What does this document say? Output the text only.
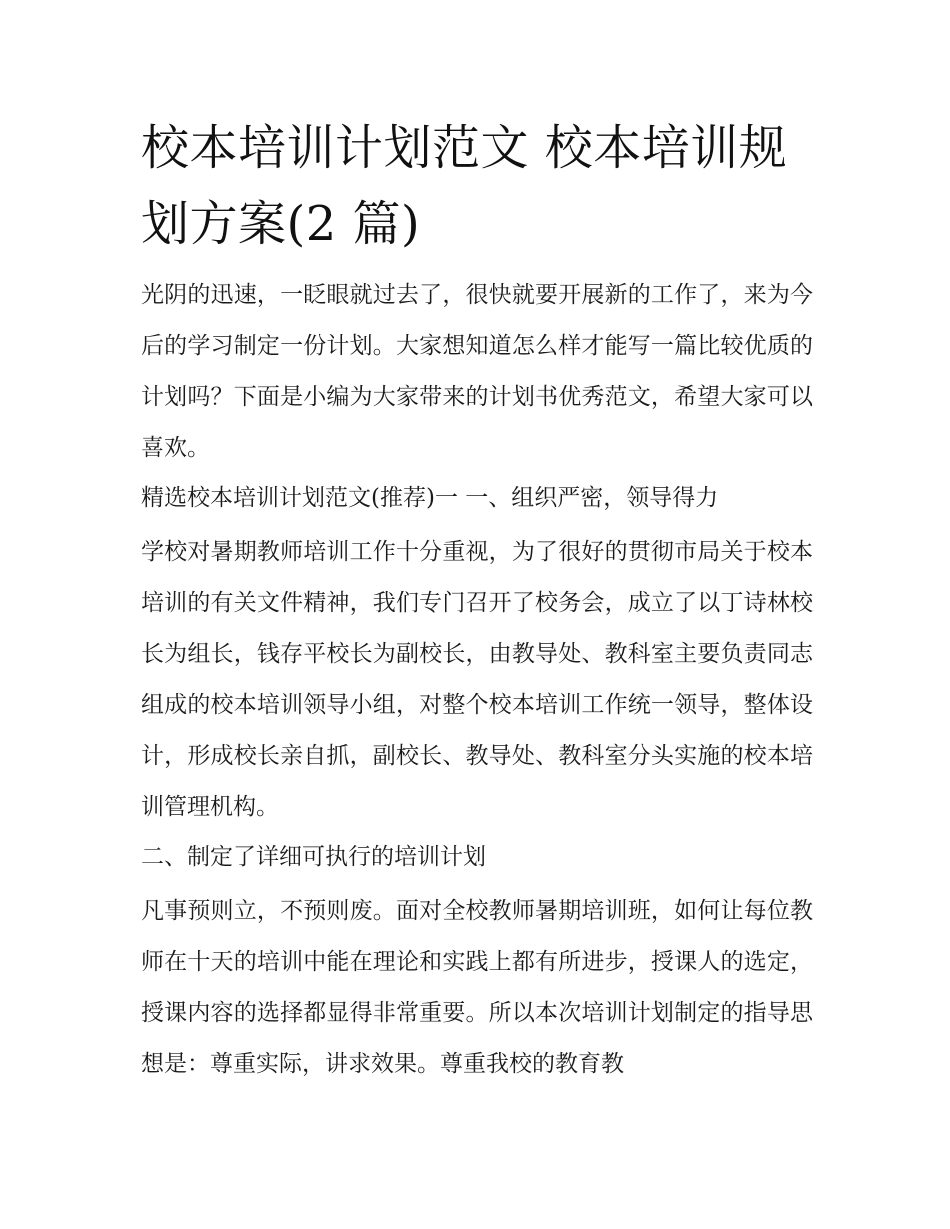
校本培训计划范文 校本培训规划方案(2 篇)

光阴的迅速，一眨眼就过去了，很快就要开展新的工作了，来为今后的学习制定一份计划。大家想知道怎么样才能写一篇比较优质的计划吗？下面是小编为大家带来的计划书优秀范文，希望大家可以喜欢。

精选校本培训计划范文(推荐)一 一、组织严密，领导得力

学校对暑期教师培训工作十分重视，为了很好的贯彻市局关于校本培训的有关文件精神，我们专门召开了校务会，成立了以丁诗林校长为组长，钱存平校长为副校长，由教导处、教科室主要负责同志组成的校本培训领导小组，对整个校本培训工作统一领导，整体设计，形成校长亲自抓，副校长、教导处、教科室分头实施的校本培训管理机构。

二、制定了详细可执行的培训计划

凡事预则立，不预则废。面对全校教师暑期培训班，如何让每位教师在十天的培训中能在理论和实践上都有所进步，授课人的选定，授课内容的选择都显得非常重要。所以本次培训计划制定的指导思想是：尊重实际，讲求效果。尊重我校的教育教
